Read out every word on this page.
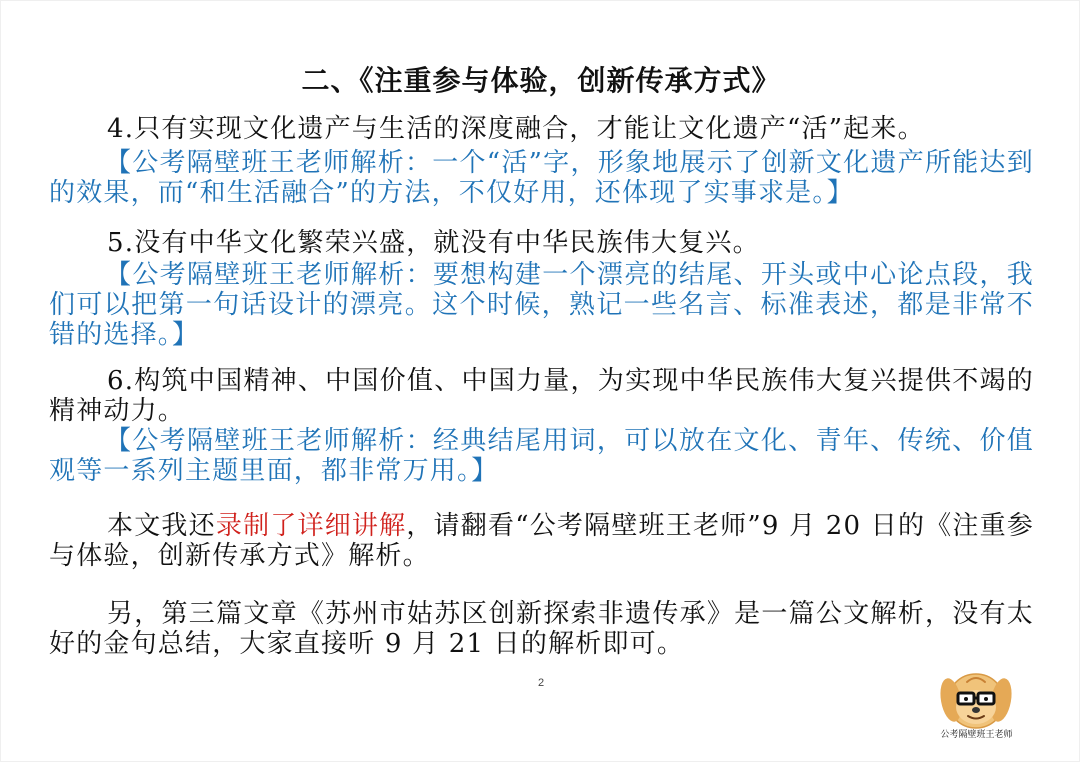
二、《注重参与体验，创新传承方式》

4.只有实现文化遗产与生活的深度融合，才能让文化遗产“活”起来。

【公考隔壁班王老师解析：一个“活”字，形象地展示了创新文化遗产所能达到的效果，而“和生活融合”的方法，不仅好用，还体现了实事求是。】

5.没有中华文化繁荣兴盛，就没有中华民族伟大复兴。

【公考隔壁班王老师解析：要想构建一个漂亮的结尾、开头或中心论点段，我们可以把第一句话设计的漂亮。这个时候，熟记一些名言、标准表述，都是非常不错的选择。】

6.构筑中国精神、中国价值、中国力量，为实现中华民族伟大复兴提供不竭的精神动力。

【公考隔壁班王老师解析：经典结尾用词，可以放在文化、青年、传统、价值观等一系列主题里面，都非常万用。】

本文我还录制了详细讲解，请翻看“公考隔壁班王老师”9 月 20 日的《注重参与体验，创新传承方式》解析。

另，第三篇文章《苏州市姑苏区创新探索非遗传承》是一篇公文解析，没有太好的金句总结，大家直接听 9 月 21 日的解析即可。

2
公考隔壁班王老师
